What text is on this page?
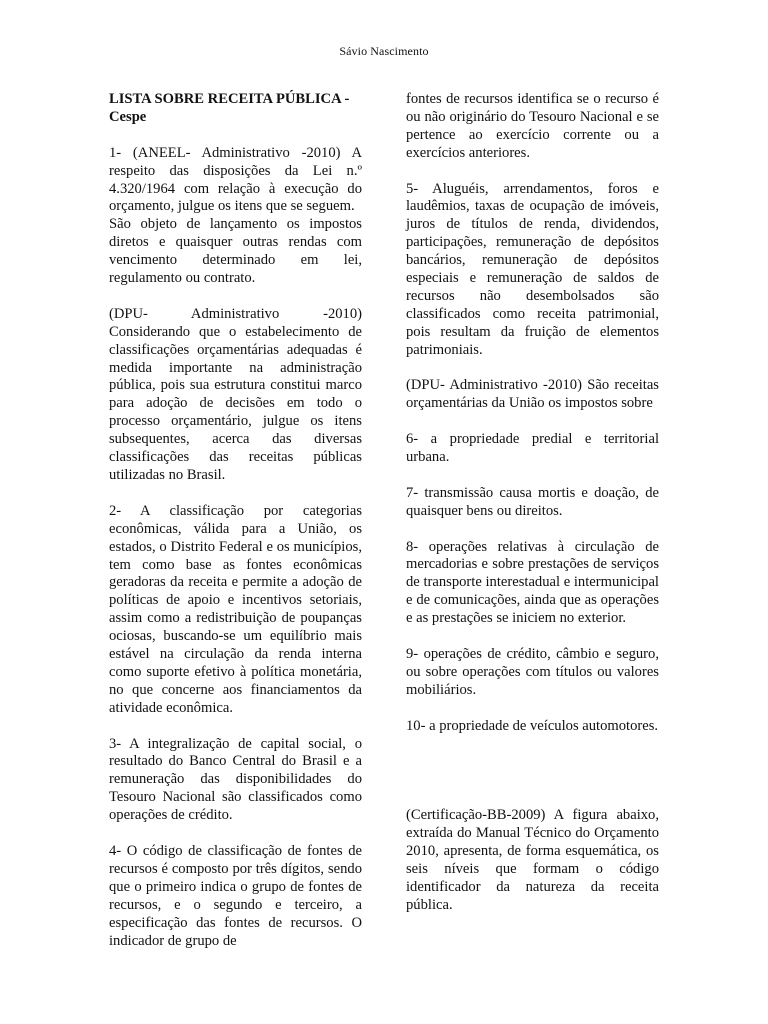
Sávio Nascimento
LISTA SOBRE RECEITA PÚBLICA - Cespe

1- (ANEEL- Administrativo -2010) A respeito das disposições da Lei n.º 4.320/1964 com relação à execução do orçamento, julgue os itens que se seguem.

São objeto de lançamento os impostos diretos e quaisquer outras rendas com vencimento determinado em lei, regulamento ou contrato.

(DPU- Administrativo -2010) Considerando que o estabelecimento de classificações orçamentárias adequadas é medida importante na administração pública, pois sua estrutura constitui marco para adoção de decisões em todo o processo orçamentário, julgue os itens subsequentes, acerca das diversas classificações das receitas públicas utilizadas no Brasil.

2- A classificação por categorias econômicas, válida para a União, os estados, o Distrito Federal e os municípios, tem como base as fontes econômicas geradoras da receita e permite a adoção de políticas de apoio e incentivos setoriais, assim como a redistribuição de poupanças ociosas, buscando-se um equilíbrio mais estável na circulação da renda interna como suporte efetivo à política monetária, no que concerne aos financiamentos da atividade econômica.

3- A integralização de capital social, o resultado do Banco Central do Brasil e a remuneração das disponibilidades do Tesouro Nacional são classificados como operações de crédito.

4- O código de classificação de fontes de recursos é composto por três dígitos, sendo que o primeiro indica o grupo de fontes de recursos, e o segundo e terceiro, a especificação das fontes de recursos. O indicador de grupo de

fontes de recursos identifica se o recurso é ou não originário do Tesouro Nacional e se pertence ao exercício corrente ou a exercícios anteriores.

5- Aluguéis, arrendamentos, foros e laudêmios, taxas de ocupação de imóveis, juros de títulos de renda, dividendos, participações, remuneração de depósitos bancários, remuneração de depósitos especiais e remuneração de saldos de recursos não desembolsados são classificados como receita patrimonial, pois resultam da fruição de elementos patrimoniais.

(DPU- Administrativo -2010) São receitas orçamentárias da União os impostos sobre

6- a propriedade predial e territorial urbana.

7- transmissão causa mortis e doação, de quaisquer bens ou direitos.

8- operações relativas à circulação de mercadorias e sobre prestações de serviços de transporte interestadual e intermunicipal e de comunicações, ainda que as operações e as prestações se iniciem no exterior.

9- operações de crédito, câmbio e seguro, ou sobre operações com títulos ou valores mobiliários.

10- a propriedade de veículos automotores.

(Certificação-BB-2009) A figura abaixo, extraída do Manual Técnico do Orçamento 2010, apresenta, de forma esquemática, os seis níveis que formam o código identificador da natureza da receita pública.
